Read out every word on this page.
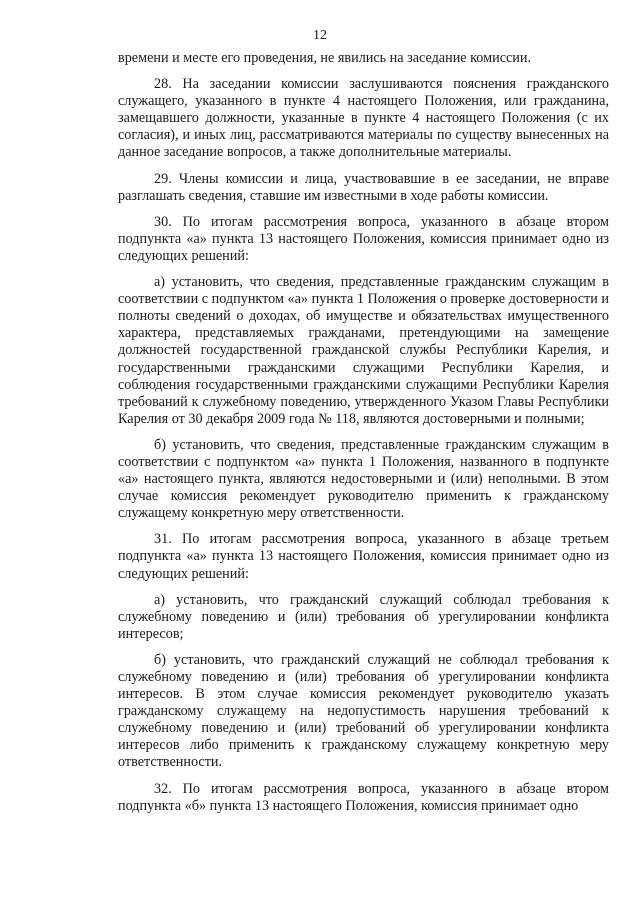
12

времени и месте его проведения, не явились на заседание комиссии.

28. На заседании комиссии заслушиваются пояснения гражданского служащего, указанного в пункте 4 настоящего Положения, или гражданина, замещавшего должности, указанные в пункте 4 настоящего Положения (с их согласия), и иных лиц, рассматриваются материалы по существу вынесенных на данное заседание вопросов, а также дополнительные материалы.

29. Члены комиссии и лица, участвовавшие в ее заседании, не вправе разглашать сведения, ставшие им известными в ходе работы комиссии.

30. По итогам рассмотрения вопроса, указанного в абзаце втором подпункта «а» пункта 13 настоящего Положения, комиссия принимает одно из следующих решений:

а) установить, что сведения, представленные гражданским служащим в соответствии с подпунктом «а» пункта 1 Положения о проверке достоверности и полноты сведений о доходах, об имуществе и обязательствах имущественного характера, представляемых гражданами, претендующими на замещение должностей государственной гражданской службы Республики Карелия, и государственными гражданскими служащими Республики Карелия, и соблюдения государственными гражданскими служащими Республики Карелия требований к служебному поведению, утвержденного Указом Главы Республики Карелия от 30 декабря 2009 года № 118, являются достоверными и полными;

б) установить, что сведения, представленные гражданским служащим в соответствии с подпунктом «а» пункта 1 Положения, названного в подпункте «а» настоящего пункта, являются недостоверными и (или) неполными. В этом случае комиссия рекомендует руководителю применить к гражданскому служащему конкретную меру ответственности.

31. По итогам рассмотрения вопроса, указанного в абзаце третьем подпункта «а» пункта 13 настоящего Положения, комиссия принимает одно из следующих решений:

а) установить, что гражданский служащий соблюдал требования к служебному поведению и (или) требования об урегулировании конфликта интересов;

б) установить, что гражданский служащий не соблюдал требования к служебному поведению и (или) требования об урегулировании конфликта интересов. В этом случае комиссия рекомендует руководителю указать гражданскому служащему на недопустимость нарушения требований к служебному поведению и (или) требований об урегулировании конфликта интересов либо применить к гражданскому служащему конкретную меру ответственности.

32. По итогам рассмотрения вопроса, указанного в абзаце втором подпункта «б» пункта 13 настоящего Положения, комиссия принимает одно
